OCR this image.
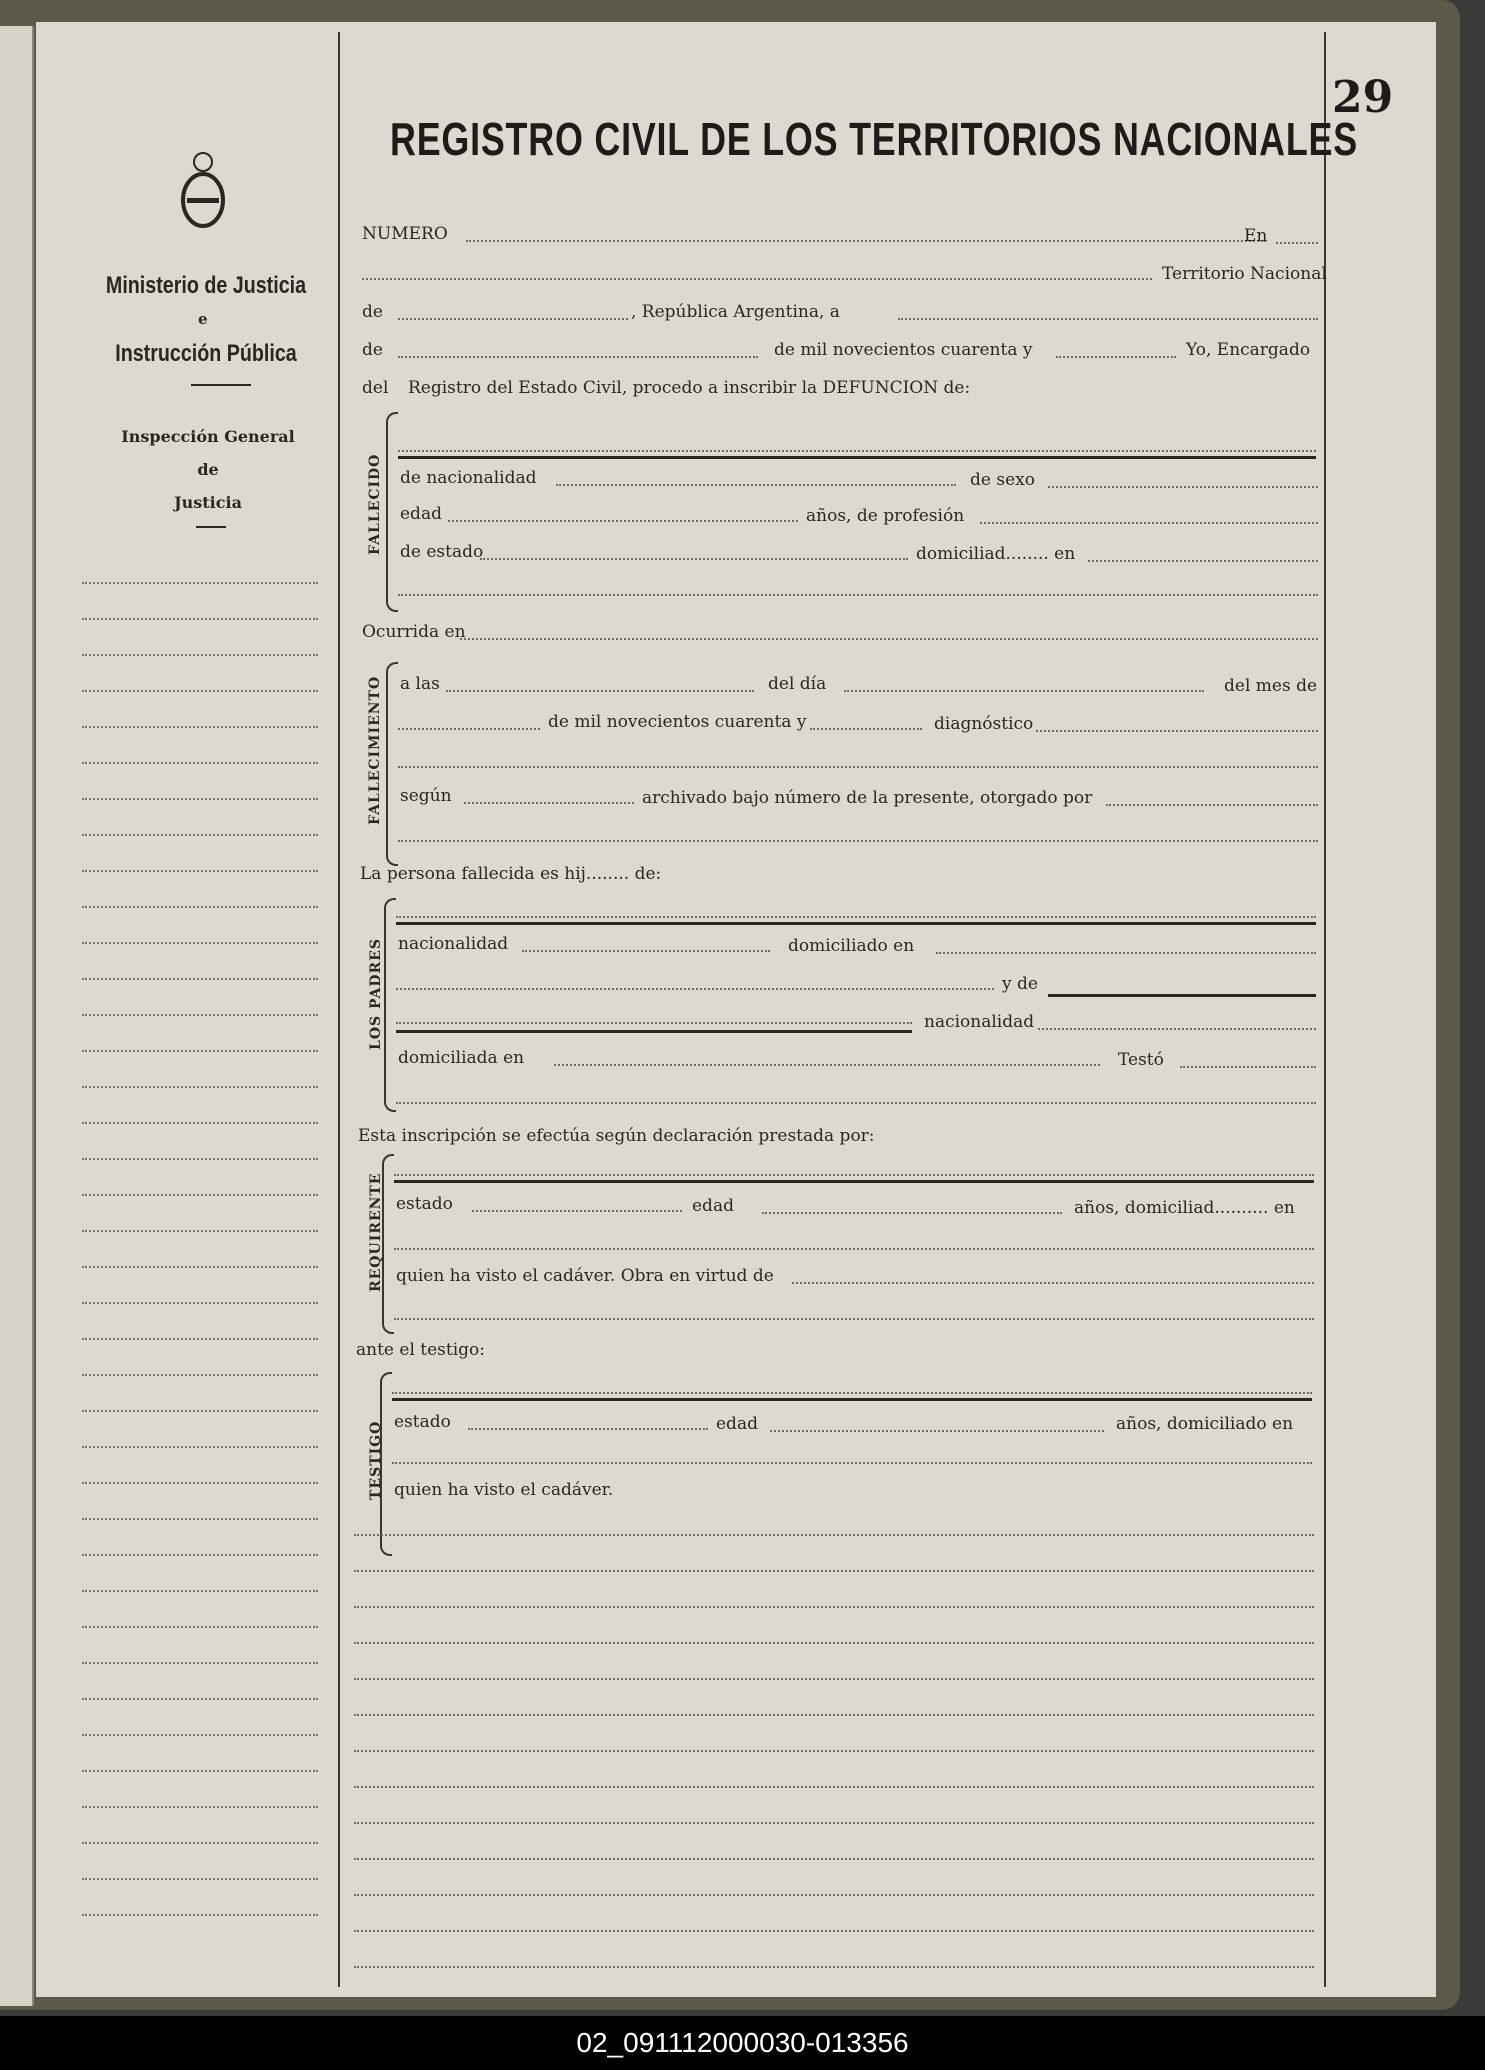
29
Ministerio de Justicia
e
Instrucción Pública
Inspección General
de
Justicia
REGISTRO CIVIL DE LOS TERRITORIOS NACIONALES
NUMERO	En
Territorio Nacional
de	, República Argentina, a
de	de mil novecientos cuarenta y	Yo, Encargado
del Registro del Estado Civil, procedo a inscribir la DEFUNCION de:
FALLECIDO de nacionalidad	de sexo
edad	años, de profesión
de estado	domiciliad........ en
Ocurrida en
FALLECIMIENTO a las	del día	del mes de
de mil novecientos cuarenta y	diagnóstico
según	archivado bajo número de la presente, otorgado por
La persona fallecida es hij........ de:
LOS PADRES nacionalidad	domiciliado en
y de
nacionalidad
domiciliada en	Testó
Esta inscripción se efectúa según declaración prestada por:
REQUIRENTE estado	edad	años, domiciliad.......... en
quien ha visto el cadáver. Obra en virtud de
ante el testigo:
TESTIGO estado	edad	años, domiciliado en
quien ha visto el cadáver.
02_091112000030-013356
